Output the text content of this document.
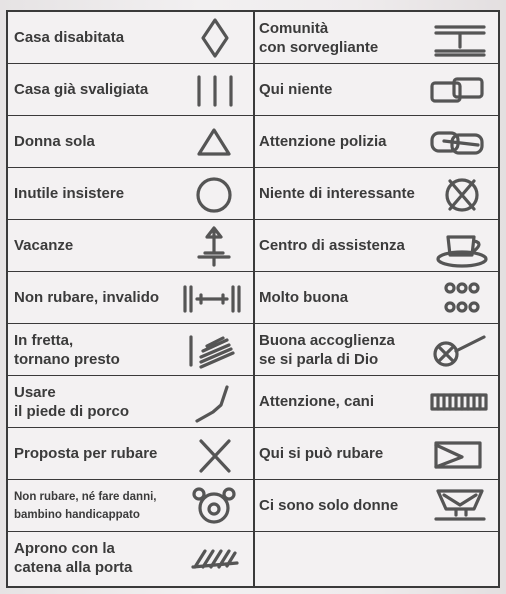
Casa disabitata
Casa già svaligiata
Donna sola
Inutile insistere
Vacanze
Non rubare, invalido
In fretta,
tornano presto
Usare
il piede di porco
Proposta per rubare
Non rubare, né fare danni,
bambino handicappato
Aprono con la
catena alla porta
Comunità
con sorvegliante
Qui niente
Attenzione polizia
Niente di interessante
Centro di assistenza
Molto buona
Buona accoglienza
se si parla di Dio
Attenzione, cani
Qui si può rubare
Ci sono solo donne
